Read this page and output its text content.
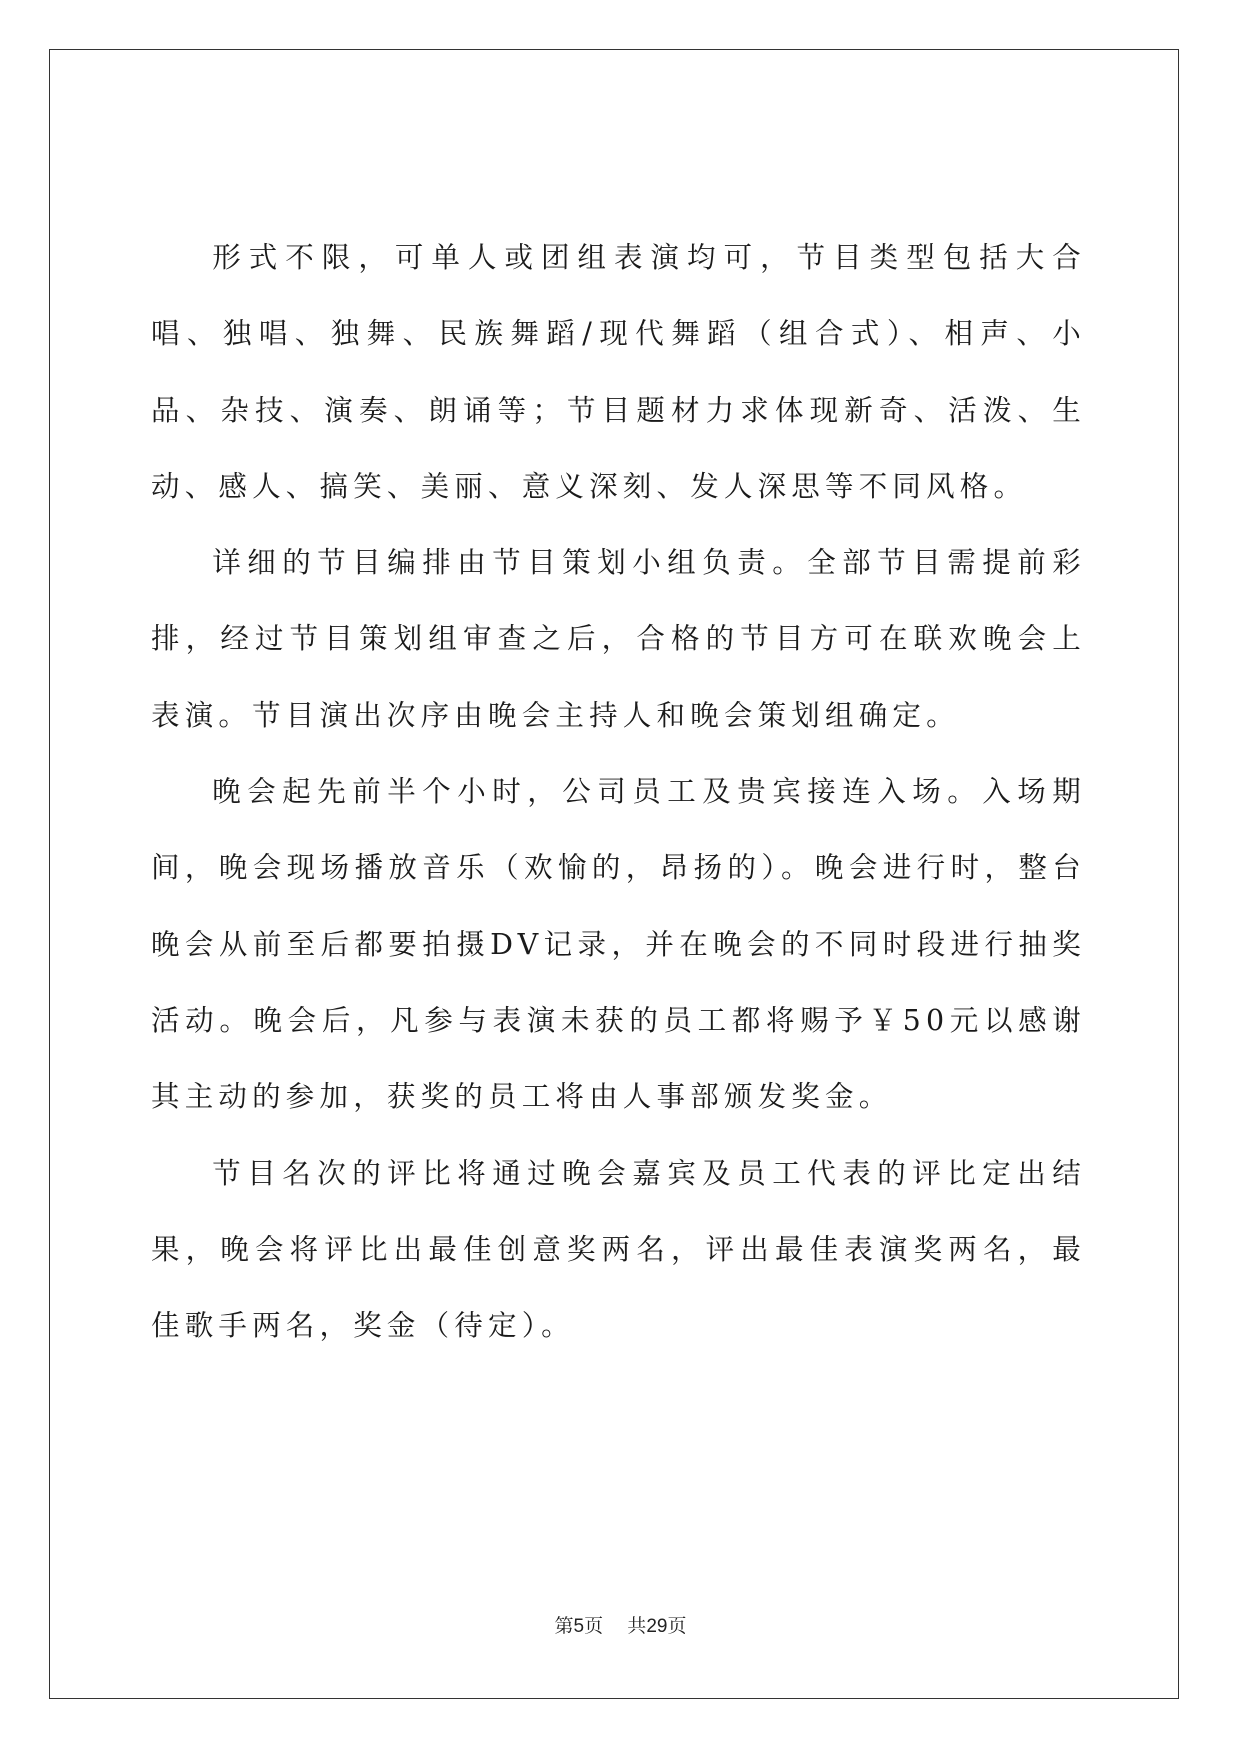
形式不限，可单人或团组表演均可，节目类型包括大合唱、独唱、独舞、民族舞蹈/现代舞蹈（组合式）、相声、小品、杂技、演奏、朗诵等；节目题材力求体现新奇、活泼、生动、感人、搞笑、美丽、意义深刻、发人深思等不同风格。

详细的节目编排由节目策划小组负责。全部节目需提前彩排，经过节目策划组审查之后，合格的节目方可在联欢晚会上表演。节目演出次序由晚会主持人和晚会策划组确定。

晚会起先前半个小时，公司员工及贵宾接连入场。入场期间，晚会现场播放音乐（欢愉的，昂扬的）。晚会进行时，整台晚会从前至后都要拍摄DV记录，并在晚会的不同时段进行抽奖活动。晚会后，凡参与表演未获的员工都将赐予￥50元以感谢其主动的参加，获奖的员工将由人事部颁发奖金。

节目名次的评比将通过晚会嘉宾及员工代表的评比定出结果，晚会将评比出最佳创意奖两名，评出最佳表演奖两名，最佳歌手两名，奖金（待定）。

第5页 共29页
